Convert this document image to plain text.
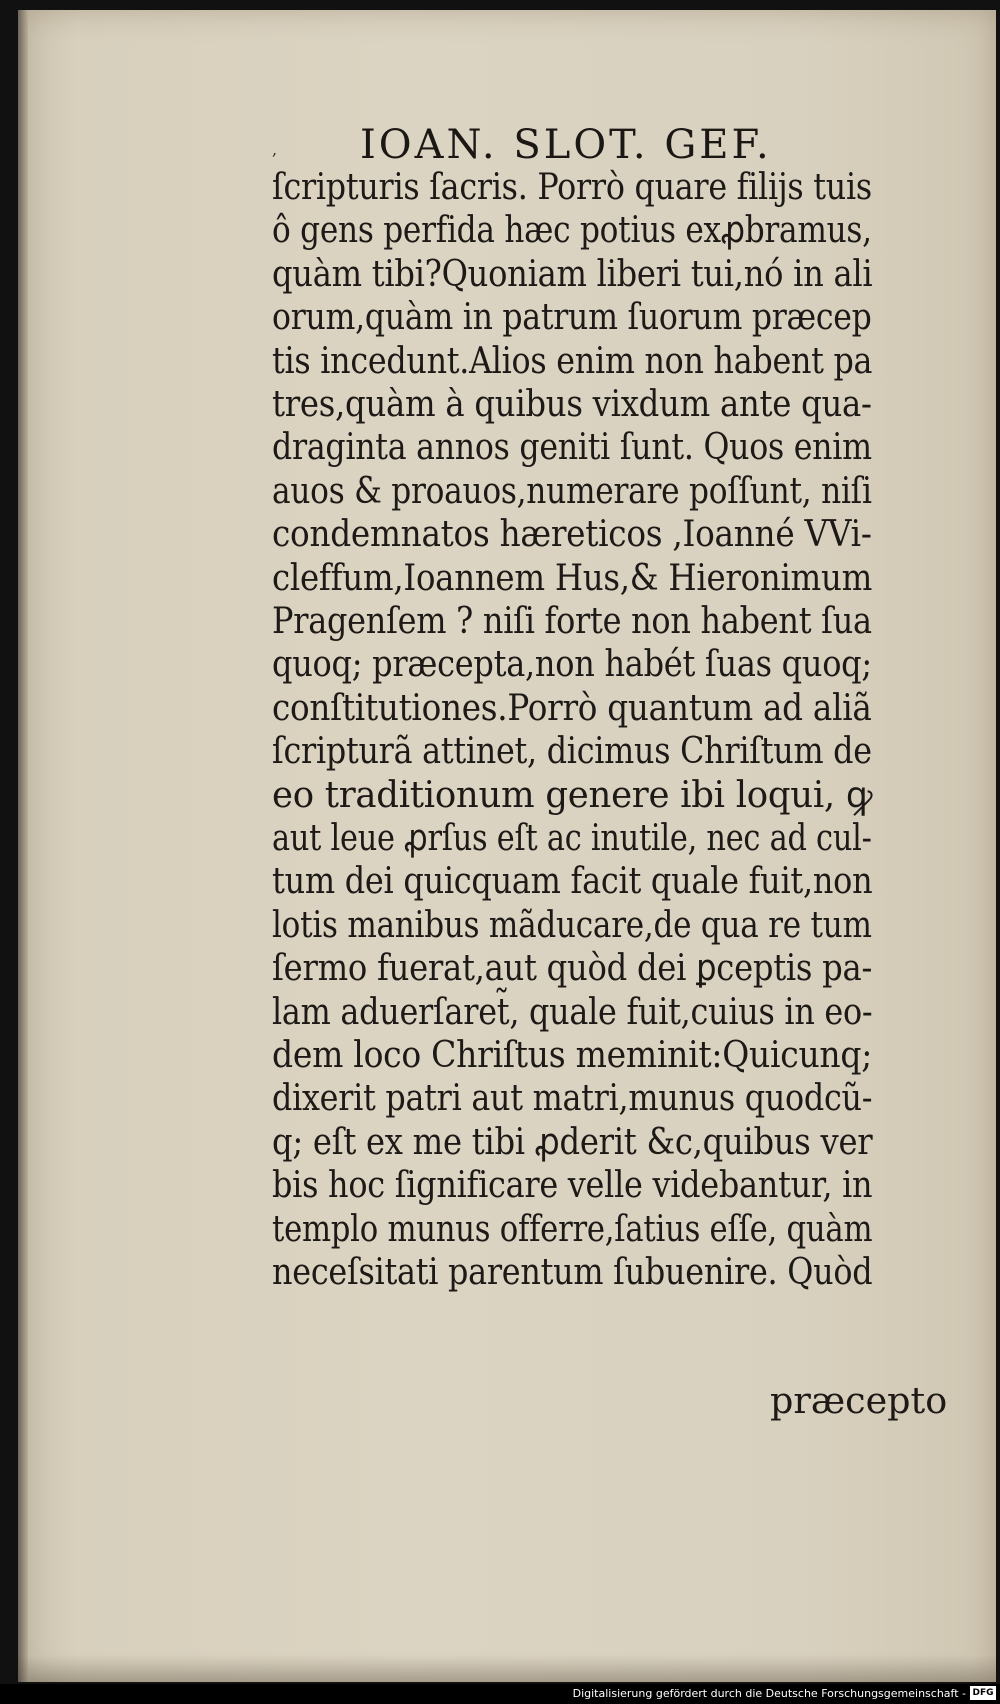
, IOAN. SLOT. GEF.
ſcripturis ſacris. Porrò quare filijs tuis
ô gens perfida hæc potius exꝓbramus,
quàm tibi?Quoniam liberi tui,nó in ali
orum,quàm in patrum ſuorum præcep
tis incedunt.Alios enim non habent pa
tres,quàm à quibus vixdum ante qua-
draginta annos geniti ſunt. Quos enim
auos & proauos,numerare poſſunt, niſi
condemnatos hæreticos ,Ioanné VVi-
cleffum,Ioannem Hus,& Hieronimum
Pragenſem ? niſi forte non habent ſua
quoq; præcepta,non habét ſuas quoq;
conſtitutiones.Porrò quantum ad aliã
ſcripturã attinet, dicimus Chriſtum de
eo traditionum genere ibi loqui, ꝙ
aut leue ꝓrſus eſt ac inutile, nec ad cul-
tum dei quicquam facit quale fuit,non
lotis manibus mãducare,de qua re tum
ſermo fuerat,aut quòd dei ꝑceptis pa-
lam aduerſaret̃, quale fuit,cuius in eo-
dem loco Chriſtus meminit:Quicunq;
dixerit patri aut matri,munus quodcũ-
q; eſt ex me tibi ꝓderit &c,quibus ver
bis hoc ſignificare velle videbantur, in
templo munus offerre,ſatius eſſe, quàm
neceſsitati parentum ſubuenire. Quòd
præcepto
Digitalisierung gefördert durch die Deutsche Forschungsgemeinschaft - DFG
